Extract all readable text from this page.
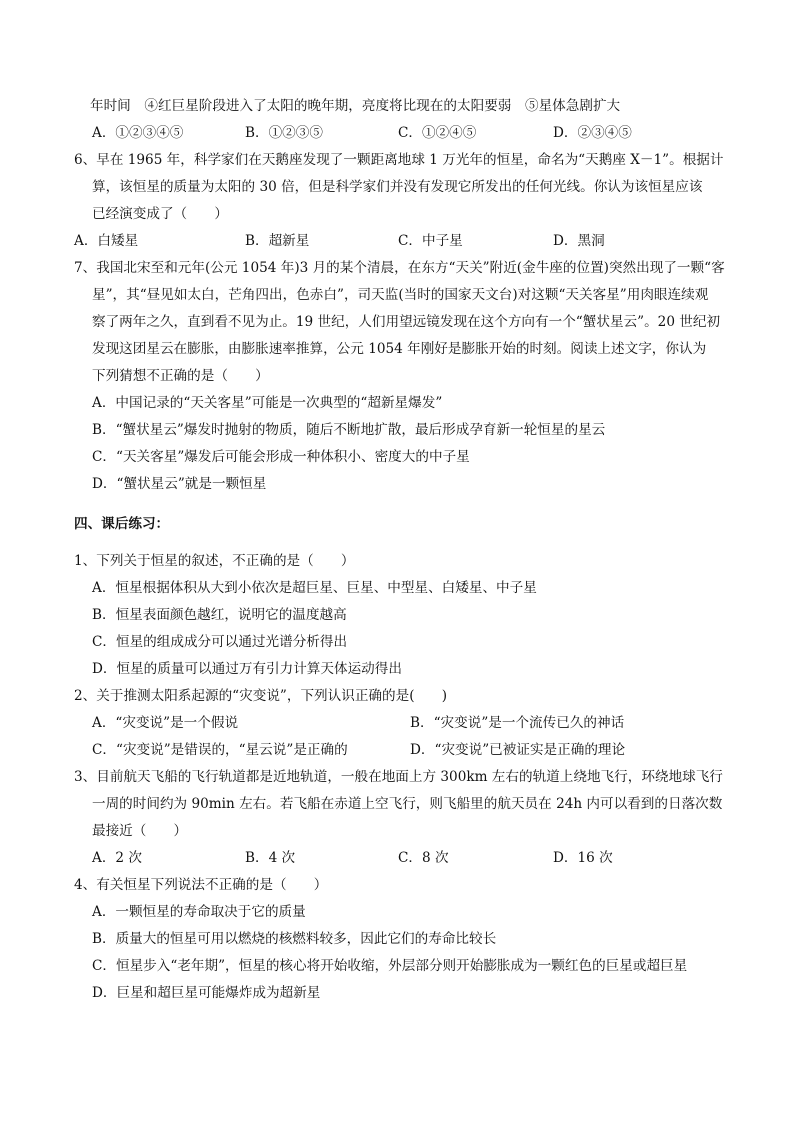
年时间　④红巨星阶段进入了太阳的晚年期，亮度将比现在的太阳要弱　⑤星体急剧扩大
A．①②③④⑤	B．①②③⑤	C．①②④⑤	D．②③④⑤
6、早在 1965 年，科学家们在天鹅座发现了一颗距离地球 1 万光年的恒星，命名为“天鹅座 X－1”。根据计
算，该恒星的质量为太阳的 30 倍，但是科学家们并没有发现它所发出的任何光线。你认为该恒星应该
已经演变成了（　　）
A．白矮星	B．超新星	C．中子星	D．黑洞
7、我国北宋至和元年(公元 1054 年)3 月的某个清晨，在东方“天关”附近(金牛座的位置)突然出现了一颗“客
星”，其“昼见如太白，芒角四出，色赤白”，司天监(当时的国家天文台)对这颗“天关客星”用肉眼连续观
察了两年之久，直到看不见为止。19 世纪，人们用望远镜发现在这个方向有一个“蟹状星云”。20 世纪初
发现这团星云在膨胀，由膨胀速率推算，公元 1054 年刚好是膨胀开始的时刻。阅读上述文字，你认为
下列猜想不正确的是（　　）
A．中国记录的“天关客星”可能是一次典型的“超新星爆发”
B．“蟹状星云”爆发时抛射的物质，随后不断地扩散，最后形成孕育新一轮恒星的星云
C．“天关客星”爆发后可能会形成一种体积小、密度大的中子星
D．“蟹状星云”就是一颗恒星
四、课后练习：
1、下列关于恒星的叙述，不正确的是（　　）
A．恒星根据体积从大到小依次是超巨星、巨星、中型星、白矮星、中子星
B．恒星表面颜色越红，说明它的温度越高
C．恒星的组成成分可以通过光谱分析得出
D．恒星的质量可以通过万有引力计算天体运动得出
2、关于推测太阳系起源的“灾变说”，下列认识正确的是(　　)
A．“灾变说”是一个假说	B．“灾变说”是一个流传已久的神话
C．“灾变说”是错误的，“星云说”是正确的	D．“灾变说”已被证实是正确的理论
3、目前航天飞船的飞行轨道都是近地轨道，一般在地面上方 300km 左右的轨道上绕地飞行，环绕地球飞行
一周的时间约为 90min 左右。若飞船在赤道上空飞行，则飞船里的航天员在 24h 内可以看到的日落次数
最接近（　　）
A．2 次	B．4 次	C．8 次	D．16 次
4、有关恒星下列说法不正确的是（　　）
A．一颗恒星的寿命取决于它的质量
B．质量大的恒星可用以燃烧的核燃料较多，因此它们的寿命比较长
C．恒星步入“老年期”，恒星的核心将开始收缩，外层部分则开始膨胀成为一颗红色的巨星或超巨星
D．巨星和超巨星可能爆炸成为超新星
